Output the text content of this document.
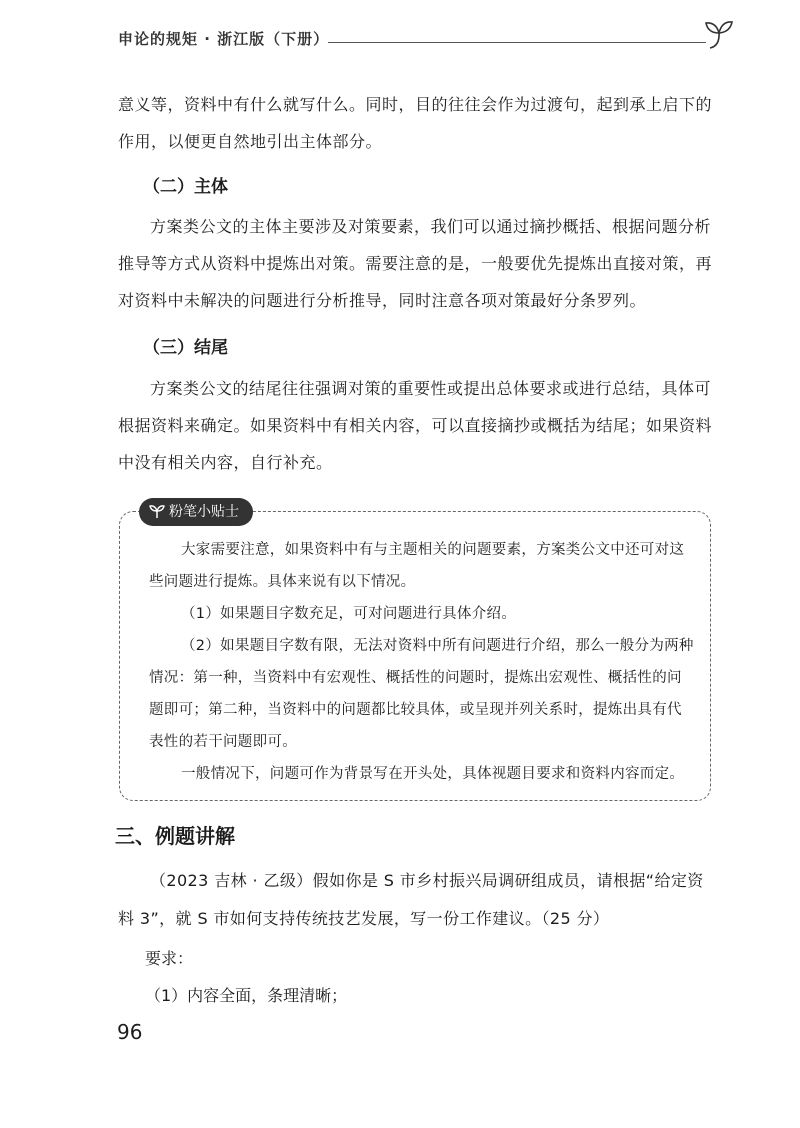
申论的规矩 · 浙江版（下册）

意义等，资料中有什么就写什么。同时，目的往往会作为过渡句，起到承上启下的作用，以便更自然地引出主体部分。

（二）主体

方案类公文的主体主要涉及对策要素，我们可以通过摘抄概括、根据问题分析推导等方式从资料中提炼出对策。需要注意的是，一般要优先提炼出直接对策，再对资料中未解决的问题进行分析推导，同时注意各项对策最好分条罗列。

（三）结尾

方案类公文的结尾往往强调对策的重要性或提出总体要求或进行总结，具体可根据资料来确定。如果资料中有相关内容，可以直接摘抄或概括为结尾；如果资料中没有相关内容，自行补充。

粉笔小贴士

大家需要注意，如果资料中有与主题相关的问题要素，方案类公文中还可对这些问题进行提炼。具体来说有以下情况。

（1）如果题目字数充足，可对问题进行具体介绍。

（2）如果题目字数有限，无法对资料中所有问题进行介绍，那么一般分为两种情况：第一种，当资料中有宏观性、概括性的问题时，提炼出宏观性、概括性的问题即可；第二种，当资料中的问题都比较具体，或呈现并列关系时，提炼出具有代表性的若干问题即可。

一般情况下，问题可作为背景写在开头处，具体视题目要求和资料内容而定。

三、例题讲解

（2023 吉林 · 乙级）假如你是 S 市乡村振兴局调研组成员，请根据“给定资料 3”，就 S 市如何支持传统技艺发展，写一份工作建议。（25 分）

要求：

（1）内容全面，条理清晰；

96
